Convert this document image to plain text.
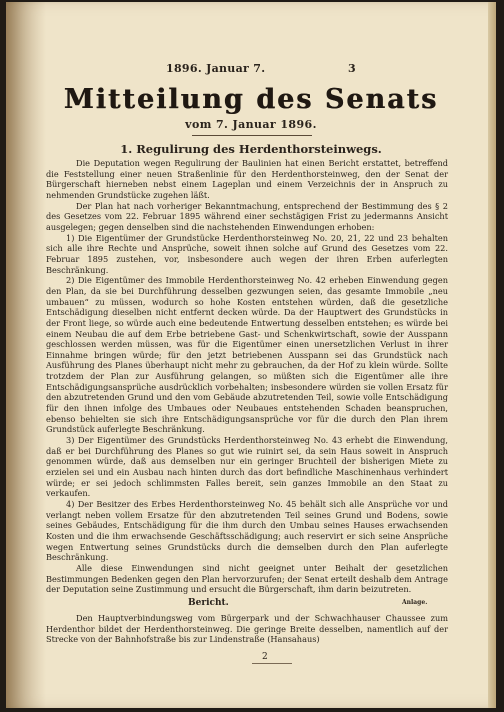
1896. Januar 7.	3
Mitteilung des Senats
vom 7. Januar 1896.
1. Regulirung des Herdenthorsteinwegs.

Die Deputation wegen Regulirung der Baulinien hat einen Bericht erstattet, betreffend die Feststellung einer neuen Straßenlinie für den Herdenthorsteinweg, den der Senat der Bürgerschaft hierneben nebst einem Lageplan und einem Verzeichnis der in Anspruch zu nehmenden Grundstücke zugehen läßt.

Der Plan hat nach vorheriger Bekanntmachung, entsprechend der Bestimmung des § 2 des Gesetzes vom 22. Februar 1895 während einer sechstägigen Frist zu jedermanns Ansicht ausgelegen; gegen denselben sind die nachstehenden Einwendungen erhoben:

1) Die Eigentümer der Grundstücke Herdenthorsteinweg No. 20, 21, 22 und 23 behalten sich alle ihre Rechte und Ansprüche, soweit ihnen solche auf Grund des Gesetzes vom 22. Februar 1895 zustehen, vor, insbesondere auch wegen der ihren Erben auferlegten Beschränkung.

2) Die Eigentümer des Immobile Herdenthorsteinweg No. 42 erheben Einwendung gegen den Plan, da sie bei Durchführung desselben gezwungen seien, das gesamte Immobile „neu umbauen“ zu müssen, wodurch so hohe Kosten entstehen würden, daß die gesetzliche Entschädigung dieselben nicht entfernt decken würde. Da der Hauptwert des Grundstücks in der Front liege, so würde auch eine bedeutende Entwertung desselben entstehen; es würde bei einem Neubau die auf dem Erbe betriebene Gast- und Schenkwirtschaft, sowie der Ausspann geschlossen werden müssen, was für die Eigentümer einen unersetzlichen Verlust in ihrer Einnahme bringen würde; für den jetzt betriebenen Ausspann sei das Grundstück nach Ausführung des Planes überhaupt nicht mehr zu gebrauchen, da der Hof zu klein würde. Sollte trotzdem der Plan zur Ausführung gelangen, so müßten sich die Eigentümer alle ihre Entschädigungsansprüche ausdrücklich vorbehalten; insbesondere würden sie vollen Ersatz für den abzutretenden Grund und den vom Gebäude abzutretenden Teil, sowie volle Entschädigung für den ihnen infolge des Umbaues oder Neubaues entstehenden Schaden beanspruchen, ebenso behielten sie sich ihre Entschädigungsansprüche vor für die durch den Plan ihrem Grundstück auferlegte Beschränkung.

3) Der Eigentümer des Grundstücks Herdenthorsteinweg No. 43 erhebt die Einwendung, daß er bei Durchführung des Planes so gut wie ruinirt sei, da sein Haus soweit in Anspruch genommen würde, daß aus demselben nur ein geringer Bruchteil der bisherigen Miete zu erzielen sei und ein Ausbau nach hinten durch das dort befindliche Maschinenhaus verhindert würde; er sei jedoch schlimmsten Falles bereit, sein ganzes Immobile an den Staat zu verkaufen.

4) Der Besitzer des Erbes Herdenthorsteinweg No. 45 behält sich alle Ansprüche vor und verlangt neben vollem Ersatze für den abzutretenden Teil seines Grund und Bodens, sowie seines Gebäudes, Entschädigung für die ihm durch den Umbau seines Hauses erwachsenden Kosten und die ihm erwachsende Geschäftsschädigung; auch reservirt er sich seine Ansprüche wegen Entwertung seines Grundstücks durch die demselben durch den Plan auferlegte Beschränkung.

Alle diese Einwendungen sind nicht geeignet unter Beihalt der gesetzlichen Bestimmungen Bedenken gegen den Plan hervorzurufen; der Senat erteilt deshalb dem Antrage der Deputation seine Zustimmung und ersucht die Bürgerschaft, ihm darin beizutreten.

Bericht.	Anlage.

Den Hauptverbindungsweg vom Bürgerpark und der Schwachhauser Chaussee zum Herdenthor bildet der Herdenthorsteinweg. Die geringe Breite desselben, namentlich auf der Strecke von der Bahnhofstraße bis zur Lindenstraße (Hansahaus)

2
